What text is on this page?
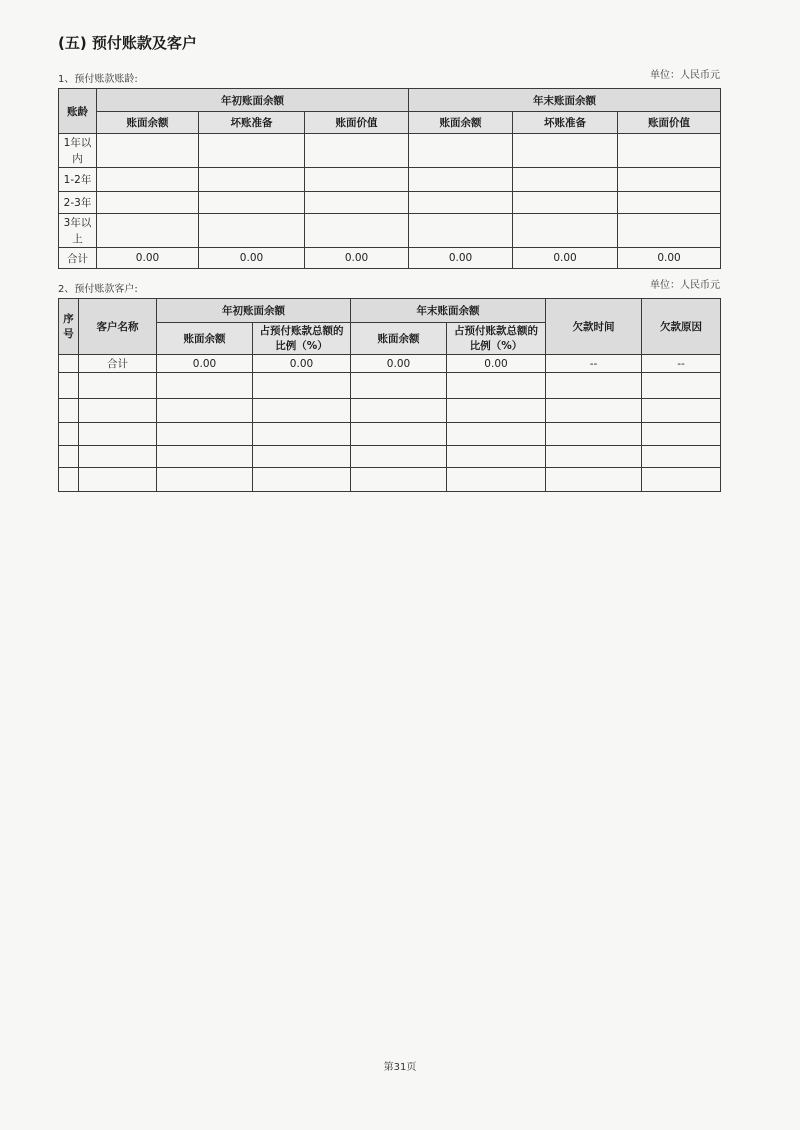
(五) 预付账款及客户
1、预付账款账龄:	单位：人民币元
账龄	年初账面余额			年末账面余额		
	账面余额	坏账准备	账面价值	账面余额	坏账准备	账面价值
1年以内						
1-2年						
2-3年						
3年以上						
合计	0.00	0.00	0.00	0.00	0.00	0.00
2、预付账款客户:	单位：人民币元
序号	客户名称	年初账面余额		年末账面余额		欠款时间	欠款原因
		账面余额	占预付账款总额的比例（%）	账面余额	占预付账款总额的比例（%）		
	合计	0.00	0.00	0.00	0.00	--	--

第31页
